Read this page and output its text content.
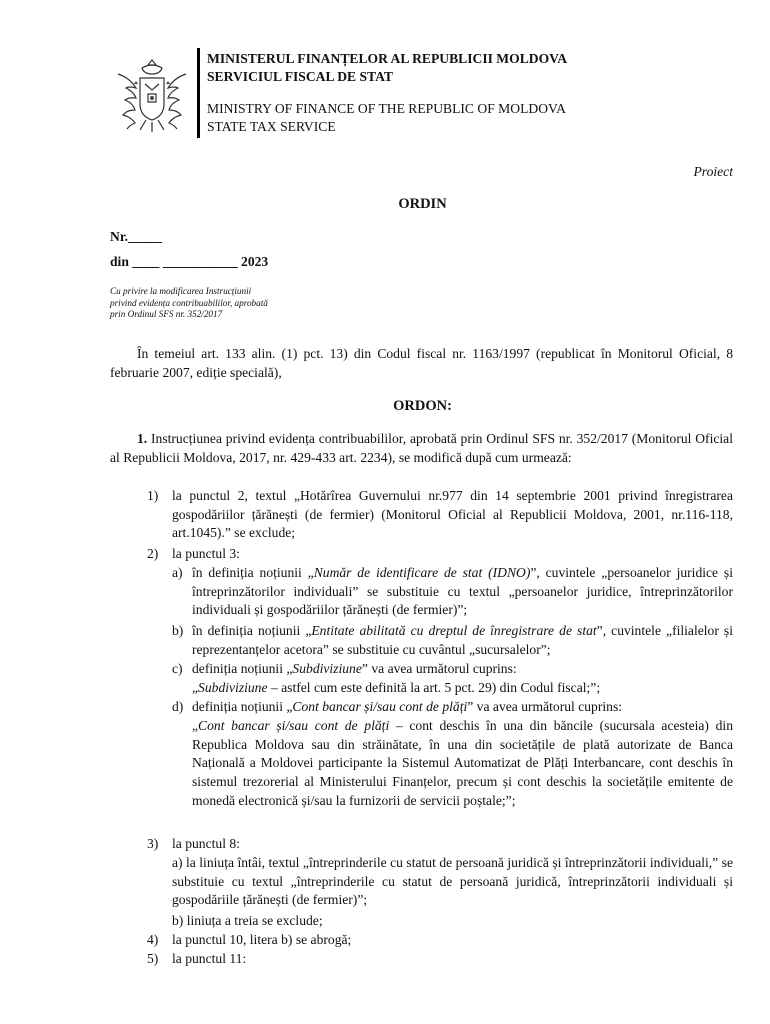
MINISTERUL FINANȚELOR AL REPUBLICII MOLDOVA
SERVICIUL FISCAL DE STAT
MINISTRY OF FINANCE OF THE REPUBLIC OF MOLDOVA
STATE TAX SERVICE
Proiect
ORDIN
Nr._____
din ____ ___________ 2023
Cu privire la modificarea Instrucțiunii
privind evidența contribuabililor, aprobată
prin Ordinul SFS nr. 352/2017
În temeiul art. 133 alin. (1) pct. 13) din Codul fiscal nr. 1163/1997 (republicat în Monitorul Oficial, 8 februarie 2007, ediție specială),
ORDON:
1. Instrucțiunea privind evidența contribuabililor, aprobată prin Ordinul SFS nr. 352/2017 (Monitorul Oficial al Republicii Moldova, 2017, nr. 429-433 art. 2234), se modifică după cum urmează:
1) la punctul 2, textul „Hotărîrea Guvernului nr.977 din 14 septembrie 2001 privind înregistrarea gospodăriilor țărănești (de fermier) (Monitorul Oficial al Republicii Moldova, 2001, nr.116-118, art.1045).” se exclude;
2) la punctul 3:
a) în definiția noțiunii „Număr de identificare de stat (IDNO)”, cuvintele „persoanelor juridice și întreprinzătorilor individuali” se substituie cu textul „persoanelor juridice, întreprinzătorilor individuali și gospodăriilor țărănești (de fermier)”;
b) în definiția noțiunii „Entitate abilitată cu dreptul de înregistrare de stat”, cuvintele „filialelor și reprezentanțelor acetora” se substituie cu cuvântul „sucursalelor”;
c) definiția noțiunii „Subdiviziune” va avea următorul cuprins:
„Subdiviziune – astfel cum este definită la art. 5 pct. 29) din Codul fiscal;”;
d) definiția noțiunii „Cont bancar și/sau cont de plăți” va avea următorul cuprins:
„Cont bancar și/sau cont de plăți – cont deschis în una din băncile (sucursala acesteia) din Republica Moldova sau din străinătate, în una din societățile de plată autorizate de Banca Națională a Moldovei participante la Sistemul Automatizat de Plăți Interbancare, cont deschis în sistemul trezorerial al Ministerului Finanțelor, precum și cont deschis la societățile emitente de monedă electronică și/sau la furnizorii de servicii poștale;”;
3) la punctul 8:
a) la liniuța întâi, textul „întreprinderile cu statut de persoană juridică și întreprinzătorii individuali,” se substituie cu textul „întreprinderile cu statut de persoană juridică, întreprinzătorii individuali și gospodăriile țărănești (de fermier)”;
b) liniuța a treia se exclude;
4) la punctul 10, litera b) se abrogă;
5) la punctul 11:
